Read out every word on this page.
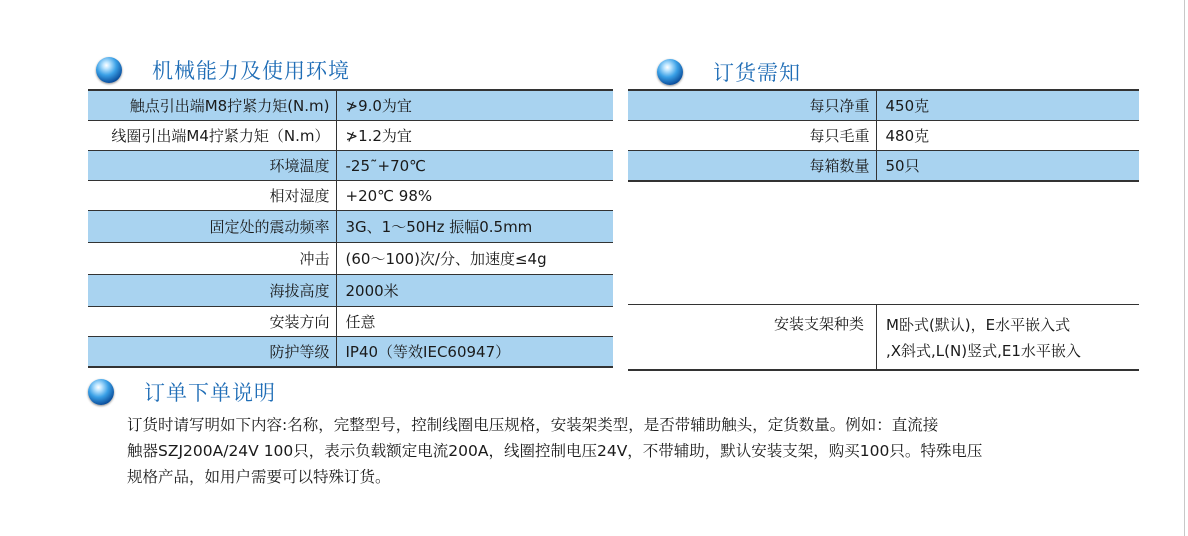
机械能力及使用环境	订货需知
触点引出端M8拧紧力矩(N.m)	≯9.0为宜
线圈引出端M4拧紧力矩（N.m）	≯1.2为宜
环境温度	-25˜+70℃
相对湿度	+20℃ 98%
固定处的震动频率	3G、1～50Hz 振幅0.5mm
冲击	(60～100)次/分、加速度≤4g
海拔高度	2000米
安装方向	任意
防护等级	IP40（等效IEC60947）
每只净重	450克
每只毛重	480克
每箱数量	50只
安装支架种类 M卧式(默认)，E水平嵌入式
,X斜式,L(N)竖式,E1水平嵌入
订单下单说明
订货时请写明如下内容:名称，完整型号，控制线圈电压规格，安装架类型，是否带辅助触头，定货数量。例如：直流接
触器SZJ200A/24V 100只，表示负载额定电流200A，线圈控制电压24V，不带辅助，默认安装支架，购买100只。特殊电压
规格产品，如用户需要可以特殊订货。
